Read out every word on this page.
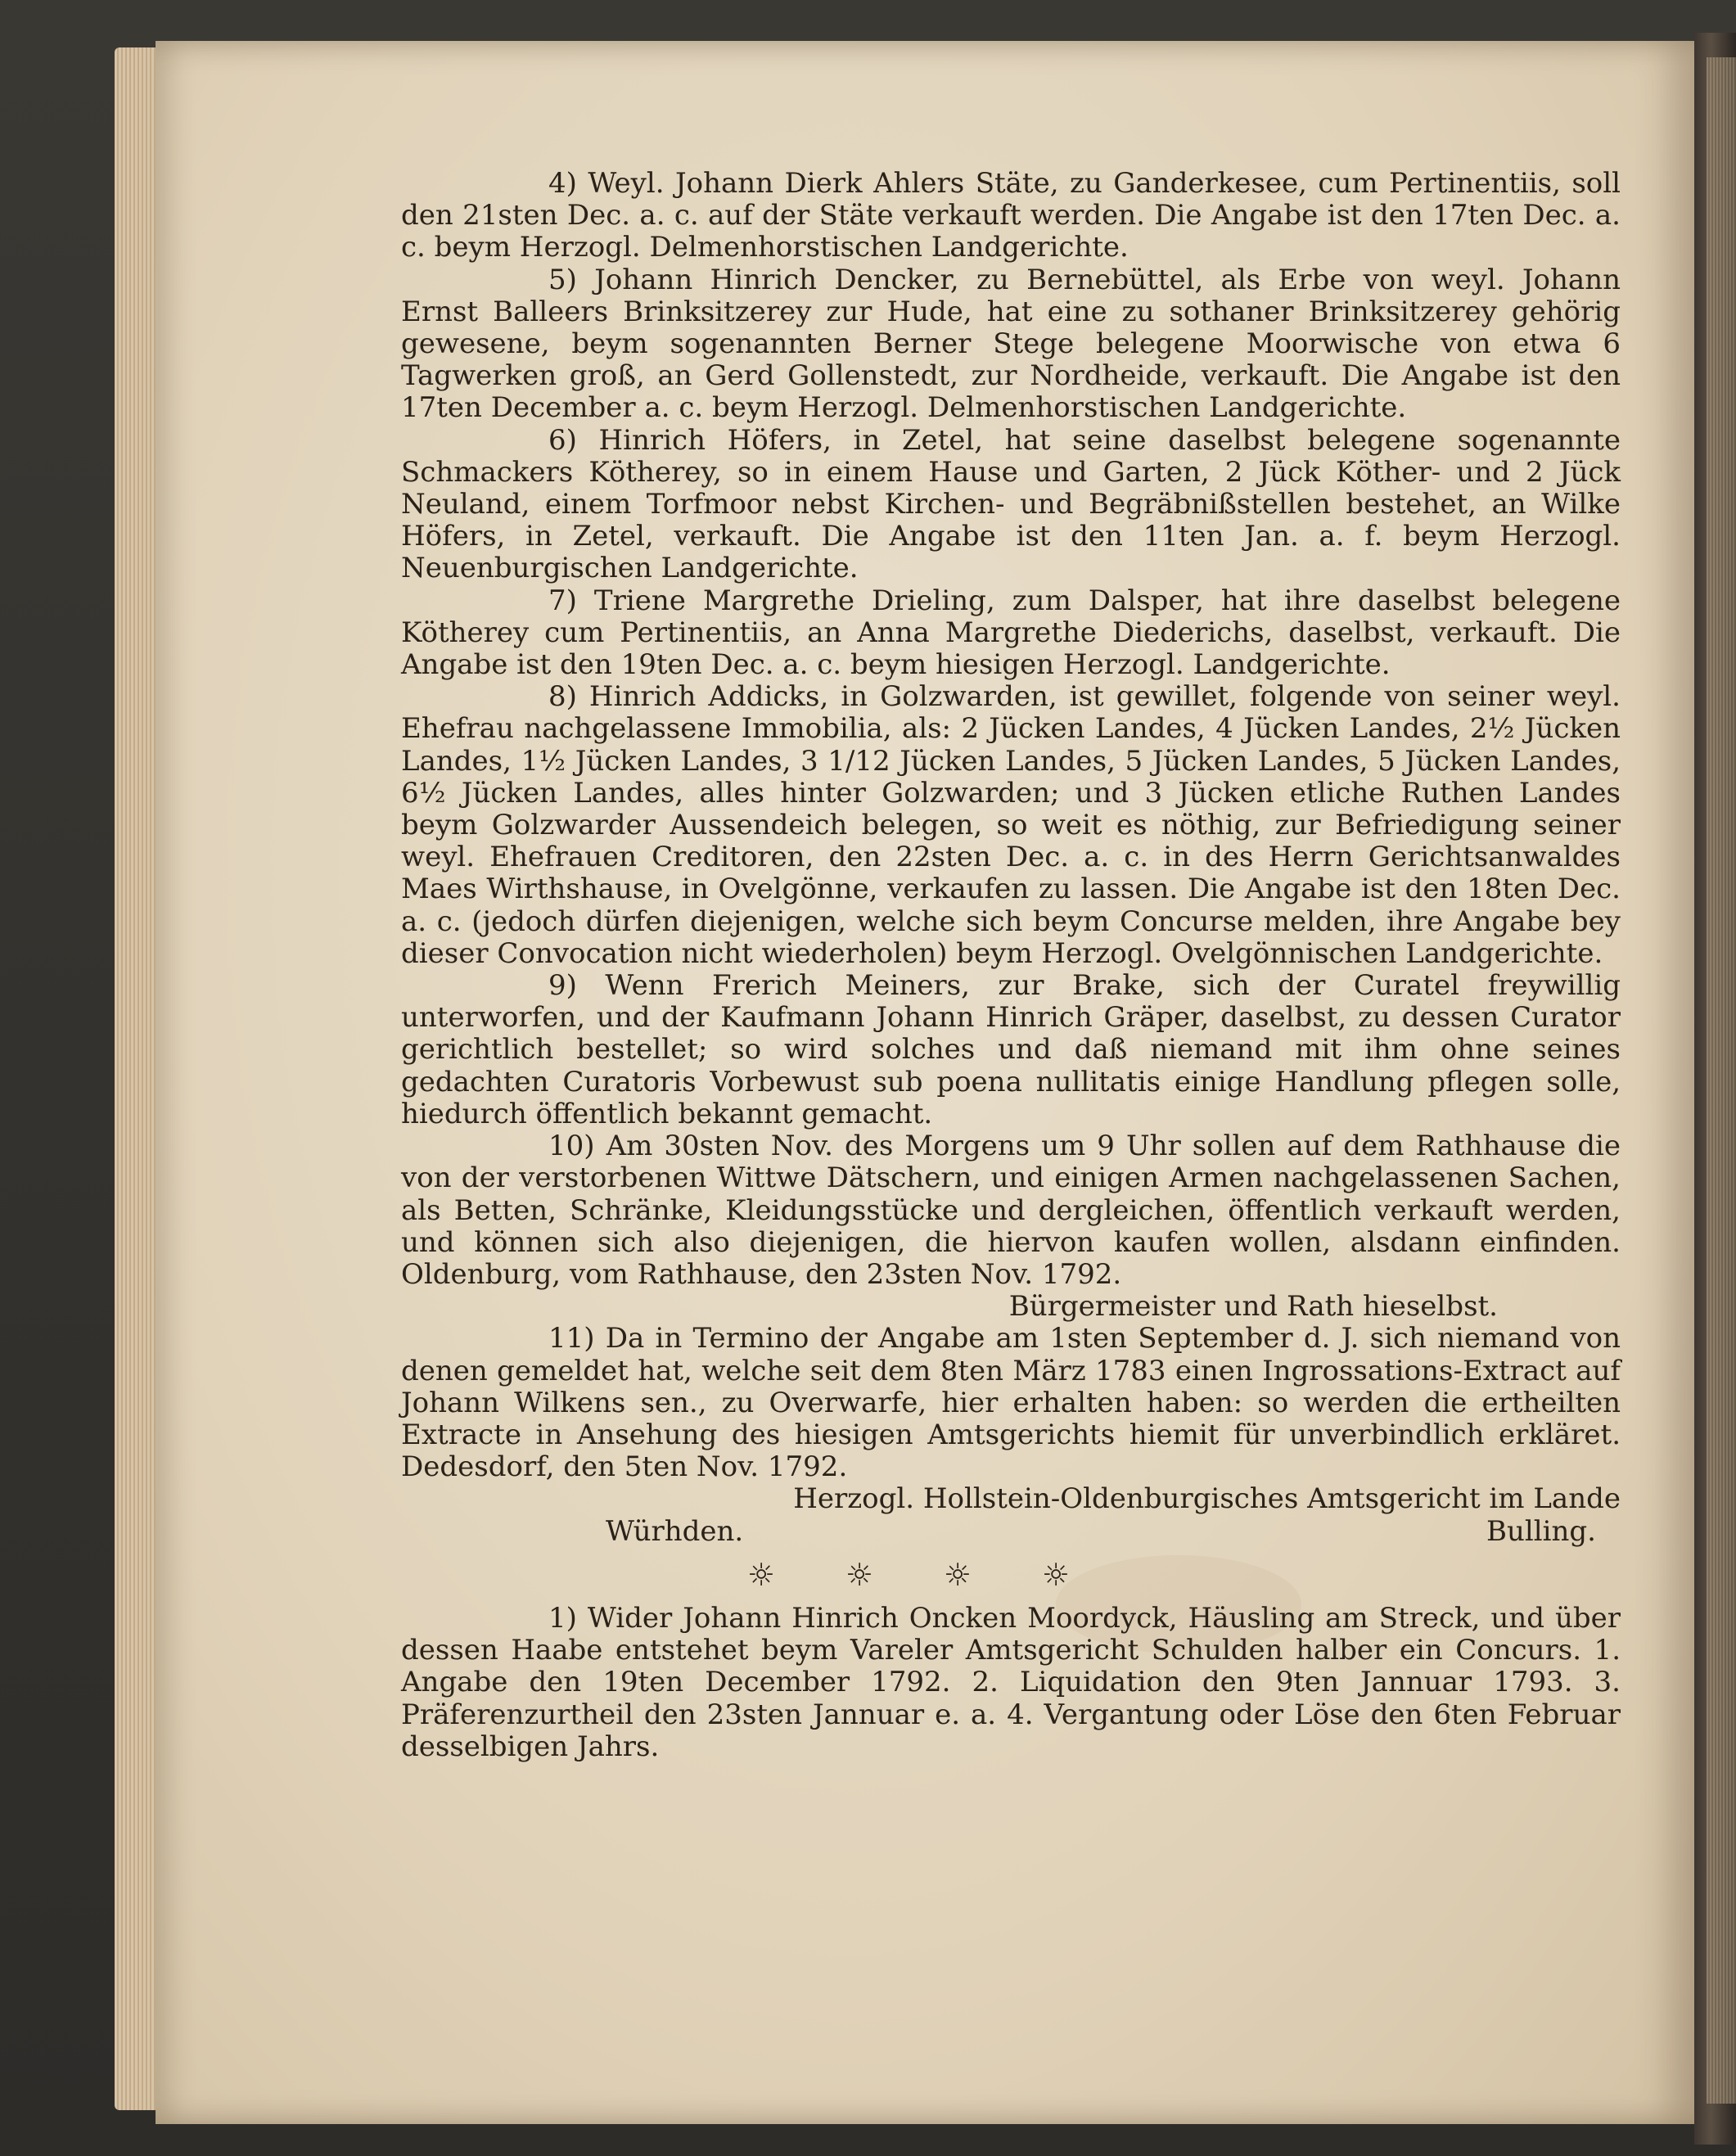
4) Weyl. Johann Dierk Ahlers Stäte, zu Ganderkesee, cum Pertinentiis, soll den 21sten Dec. a. c. auf der Stäte verkauft werden. Die Angabe ist den 17ten Dec. a. c. beym Herzogl. Delmenhorstischen Landgerichte.

5) Johann Hinrich Dencker, zu Bernebüttel, als Erbe von weyl. Johann Ernst Balleers Brinksitzerey zur Hude, hat eine zu sothaner Brinksitzerey gehörig gewesene, beym sogenannten Berner Stege belegene Moorwische von etwa 6 Tagwerken groß, an Gerd Gollenstedt, zur Nordheide, verkauft. Die Angabe ist den 17ten December a. c. beym Herzogl. Delmenhorstischen Landgerichte.

6) Hinrich Höfers, in Zetel, hat seine daselbst belegene sogenannte Schmackers Kötherey, so in einem Hause und Garten, 2 Jück Köther- und 2 Jück Neuland, einem Torfmoor nebst Kirchen- und Begräbnißstellen bestehet, an Wilke Höfers, in Zetel, verkauft. Die Angabe ist den 11ten Jan. a. f. beym Herzogl. Neuenburgischen Landgerichte.

7) Triene Margrethe Drieling, zum Dalsper, hat ihre daselbst belegene Kötherey cum Pertinentiis, an Anna Margrethe Diederichs, daselbst, verkauft. Die Angabe ist den 19ten Dec. a. c. beym hiesigen Herzogl. Landgerichte.

8) Hinrich Addicks, in Golzwarden, ist gewillet, folgende von seiner weyl. Ehefrau nachgelassene Immobilia, als: 2 Jücken Landes, 4 Jücken Landes, 2½ Jücken Landes, 1½ Jücken Landes, 3 1/12 Jücken Landes, 5 Jücken Landes, 5 Jücken Landes, 6½ Jücken Landes, alles hinter Golzwarden; und 3 Jücken etliche Ruthen Landes beym Golzwarder Aussendeich belegen, so weit es nöthig, zur Befriedigung seiner weyl. Ehefrauen Creditoren, den 22sten Dec. a. c. in des Herrn Gerichtsanwaldes Maes Wirthshause, in Ovelgönne, verkaufen zu lassen. Die Angabe ist den 18ten Dec. a. c. (jedoch dürfen diejenigen, welche sich beym Concurse melden, ihre Angabe bey dieser Convocation nicht wiederholen) beym Herzogl. Ovelgönnischen Landgerichte.

9) Wenn Frerich Meiners, zur Brake, sich der Curatel freywillig unterworfen, und der Kaufmann Johann Hinrich Gräper, daselbst, zu dessen Curator gerichtlich bestellet; so wird solches und daß niemand mit ihm ohne seines gedachten Curatoris Vorbewust sub poena nullitatis einige Handlung pflegen solle, hiedurch öffentlich bekannt gemacht.

10) Am 30sten Nov. des Morgens um 9 Uhr sollen auf dem Rathhause die von der verstorbenen Wittwe Dätschern, und einigen Armen nachgelassenen Sachen, als Betten, Schränke, Kleidungsstücke und dergleichen, öffentlich verkauft werden, und können sich also diejenigen, die hiervon kaufen wollen, alsdann einfinden. Oldenburg, vom Rathhause, den 23sten Nov. 1792.

Bürgermeister und Rath hieselbst.

11) Da in Termino der Angabe am 1sten September d. J. sich niemand von denen gemeldet hat, welche seit dem 8ten März 1783 einen Ingrossations-Extract auf Johann Wilkens sen., zu Overwarfe, hier erhalten haben: so werden die ertheilten Extracte in Ansehung des hiesigen Amtsgerichts hiemit für unverbindlich erkläret. Dedesdorf, den 5ten Nov. 1792.

Herzogl. Hollstein-Oldenburgisches Amtsgericht im Lande

Würhden.	Bulling.
☼ ☼ ☼ ☼

1) Wider Johann Hinrich Oncken Moordyck, Häusling am Streck, und über dessen Haabe entstehet beym Vareler Amtsgericht Schulden halber ein Concurs. 1. Angabe den 19ten December 1792. 2. Liquidation den 9ten Jannuar 1793. 3. Präferenzurtheil den 23sten Jannuar e. a. 4. Vergantung oder Löse den 6ten Februar desselbigen Jahrs.
